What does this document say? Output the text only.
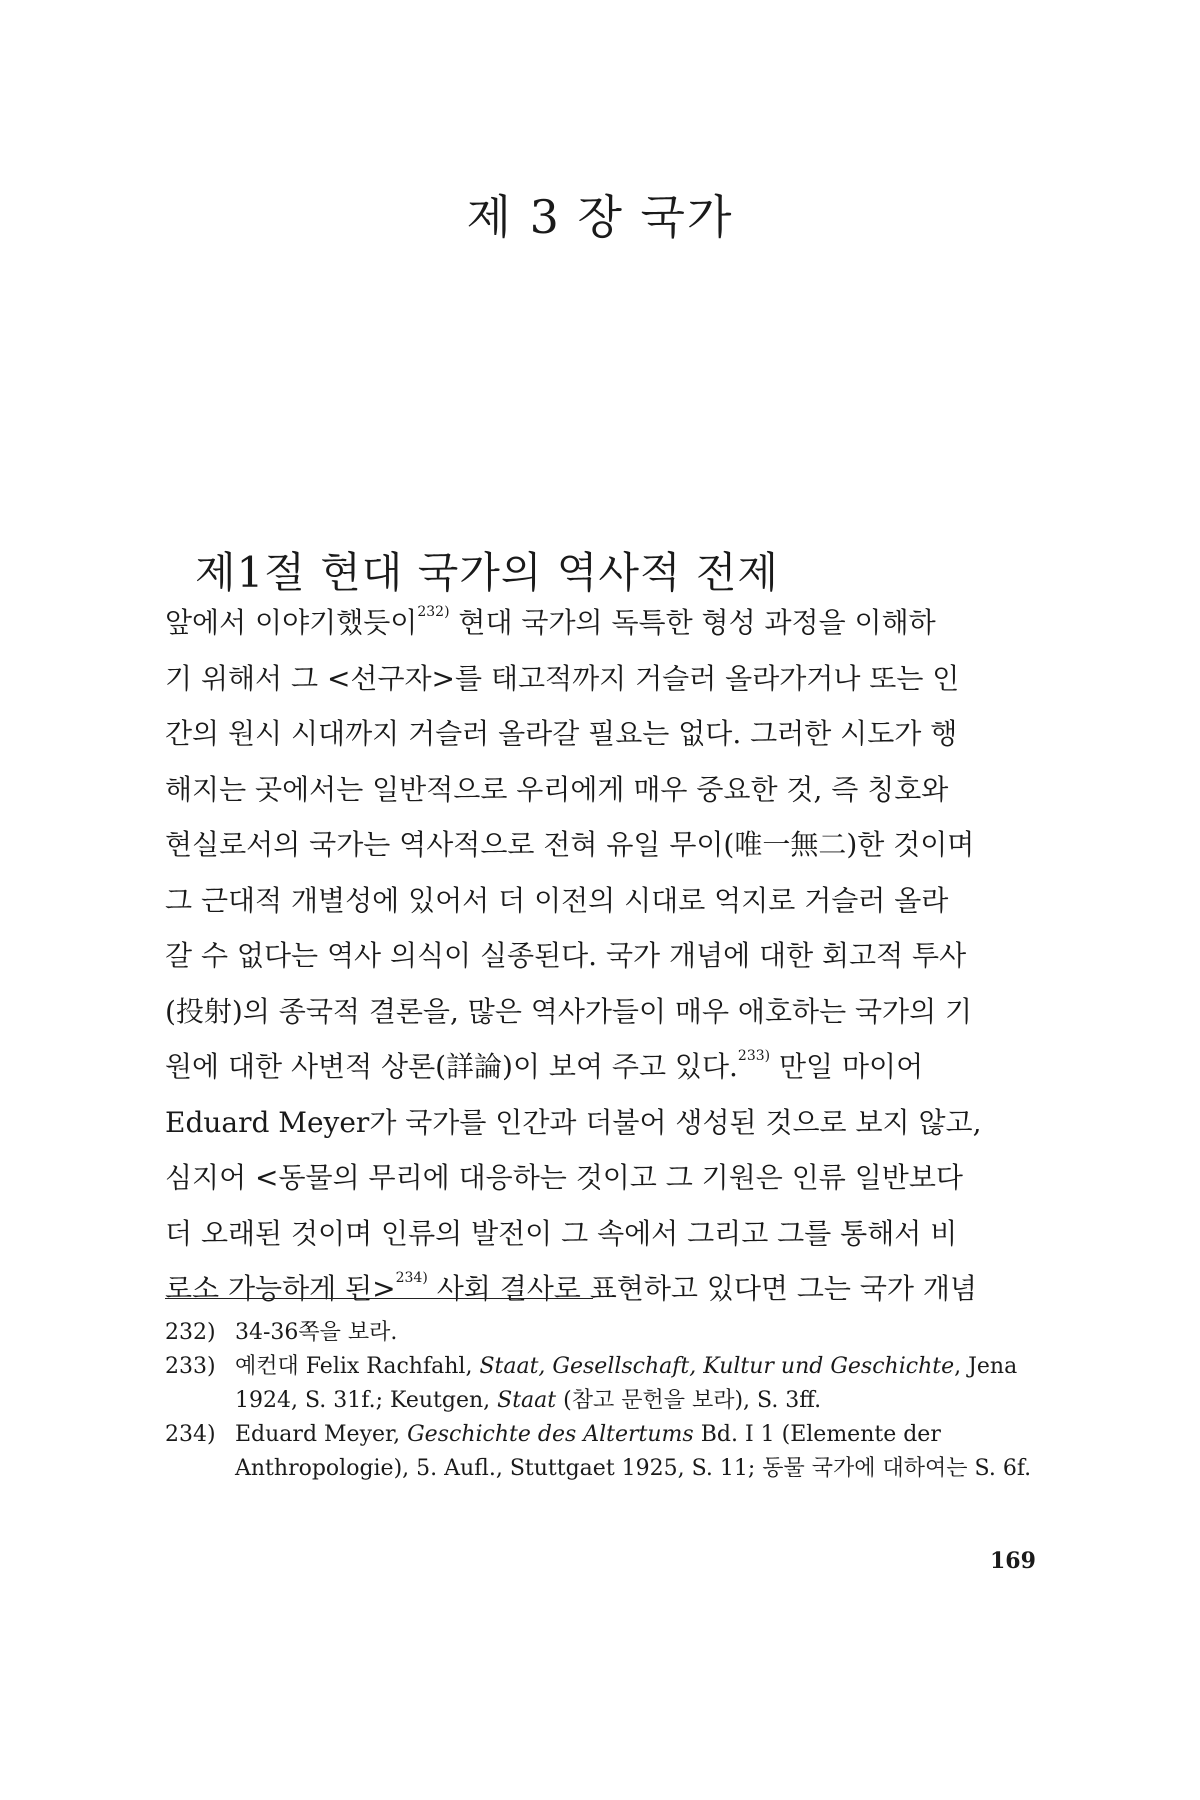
제 3 장 국가
제1절 현대 국가의 역사적 전제
앞에서 이야기했듯이$^{232)}$ 현대 국가의 독특한 형성 과정을 이해하
기 위해서 그 <선구자>를 태고적까지 거슬러 올라가거나 또는 인
간의 원시 시대까지 거슬러 올라갈 필요는 없다. 그러한 시도가 행
해지는 곳에서는 일반적으로 우리에게 매우 중요한 것, 즉 칭호와
현실로서의 국가는 역사적으로 전혀 유일 무이(唯一無二)한 것이며
그 근대적 개별성에 있어서 더 이전의 시대로 억지로 거슬러 올라
갈 수 없다는 역사 의식이 실종된다. 국가 개념에 대한 회고적 투사
(投射)의 종국적 결론을, 많은 역사가들이 매우 애호하는 국가의 기
원에 대한 사변적 상론(詳論)이 보여 주고 있다.$^{233)}$ 만일 마이어
Eduard Meyer가 국가를 인간과 더불어 생성된 것으로 보지 않고,
심지어 <동물의 무리에 대응하는 것이고 그 기원은 인류 일반보다
더 오래된 것이며 인류의 발전이 그 속에서 그리고 그를 통해서 비
로소 가능하게 된>$^{234)}$ 사회 결사로 표현하고 있다면 그는 국가 개념
232) 34-36쪽을 보라.
233) 예컨대 Felix Rachfahl, Staat, Gesellschaft, Kultur und Geschichte, Jena 1924, S. 31f.; Keutgen, Staat (참고 문헌을 보라), S. 3ff.
234) Eduard Meyer, Geschichte des Altertums Bd. I 1 (Elemente der Anthropologie), 5. Aufl., Stuttgaet 1925, S. 11; 동물 국가에 대하여는 S. 6f.
169
